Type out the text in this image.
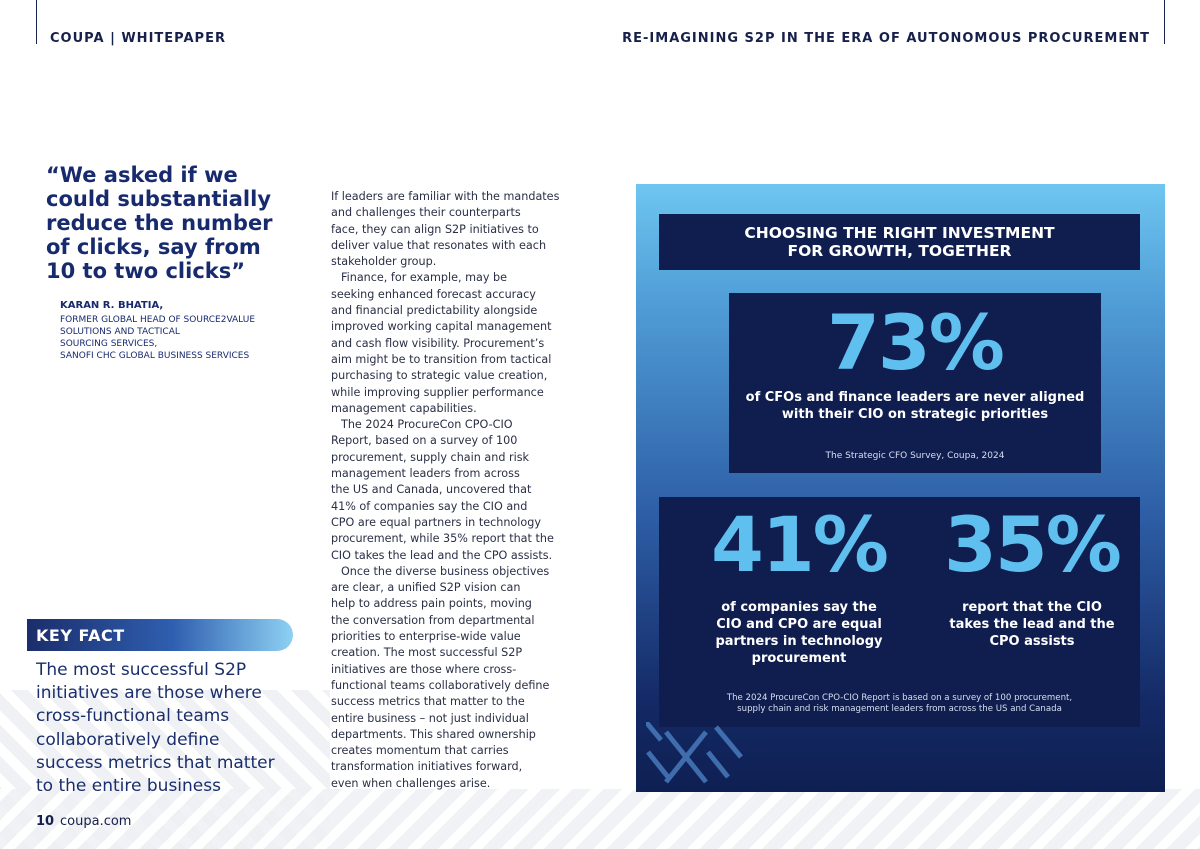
COUPA | WHITEPAPER	RE-IMAGINING S2P IN THE ERA OF AUTONOMOUS PROCUREMENT
“We asked if we
could substantially
reduce the number
of clicks, say from
10 to two clicks”
KARAN R. BHATIA,
FORMER GLOBAL HEAD OF SOURCE2VALUE
SOLUTIONS AND TACTICAL
SOURCING SERVICES,
SANOFI CHC GLOBAL BUSINESS SERVICES

If leaders are familiar with the mandates
and challenges their counterparts
face, they can align S2P initiatives to
deliver value that resonates with each
stakeholder group.

Finance, for example, may be
seeking enhanced forecast accuracy
and financial predictability alongside
improved working capital management
and cash flow visibility. Procurement’s
aim might be to transition from tactical
purchasing to strategic value creation,
while improving supplier performance
management capabilities.

The 2024 ProcureCon CPO-CIO
Report, based on a survey of 100
procurement, supply chain and risk
management leaders from across
the US and Canada, uncovered that
41% of companies say the CIO and
CPO are equal partners in technology
procurement, while 35% report that the
CIO takes the lead and the CPO assists.

Once the diverse business objectives
are clear, a unified S2P vision can
help to address pain points, moving
the conversation from departmental
priorities to enterprise-wide value
creation. The most successful S2P
initiatives are those where cross-
functional teams collaboratively define
success metrics that matter to the
entire business – not just individual
departments. This shared ownership
creates momentum that carries
transformation initiatives forward,
even when challenges arise.

KEY FACT
The most successful S2P
initiatives are those where
cross-functional teams
collaboratively define
success metrics that matter
to the entire business
10 coupa.com
CHOOSING THE RIGHT INVESTMENT
FOR GROWTH, TOGETHER
73%
of CFOs and finance leaders are never aligned
with their CIO on strategic priorities
The Strategic CFO Survey, Coupa, 2024
41%
of companies say the
CIO and CPO are equal
partners in technology
procurement
35%
report that the CIO
takes the lead and the
CPO assists
The 2024 ProcureCon CPO-CIO Report is based on a survey of 100 procurement,
supply chain and risk management leaders from across the US and Canada
